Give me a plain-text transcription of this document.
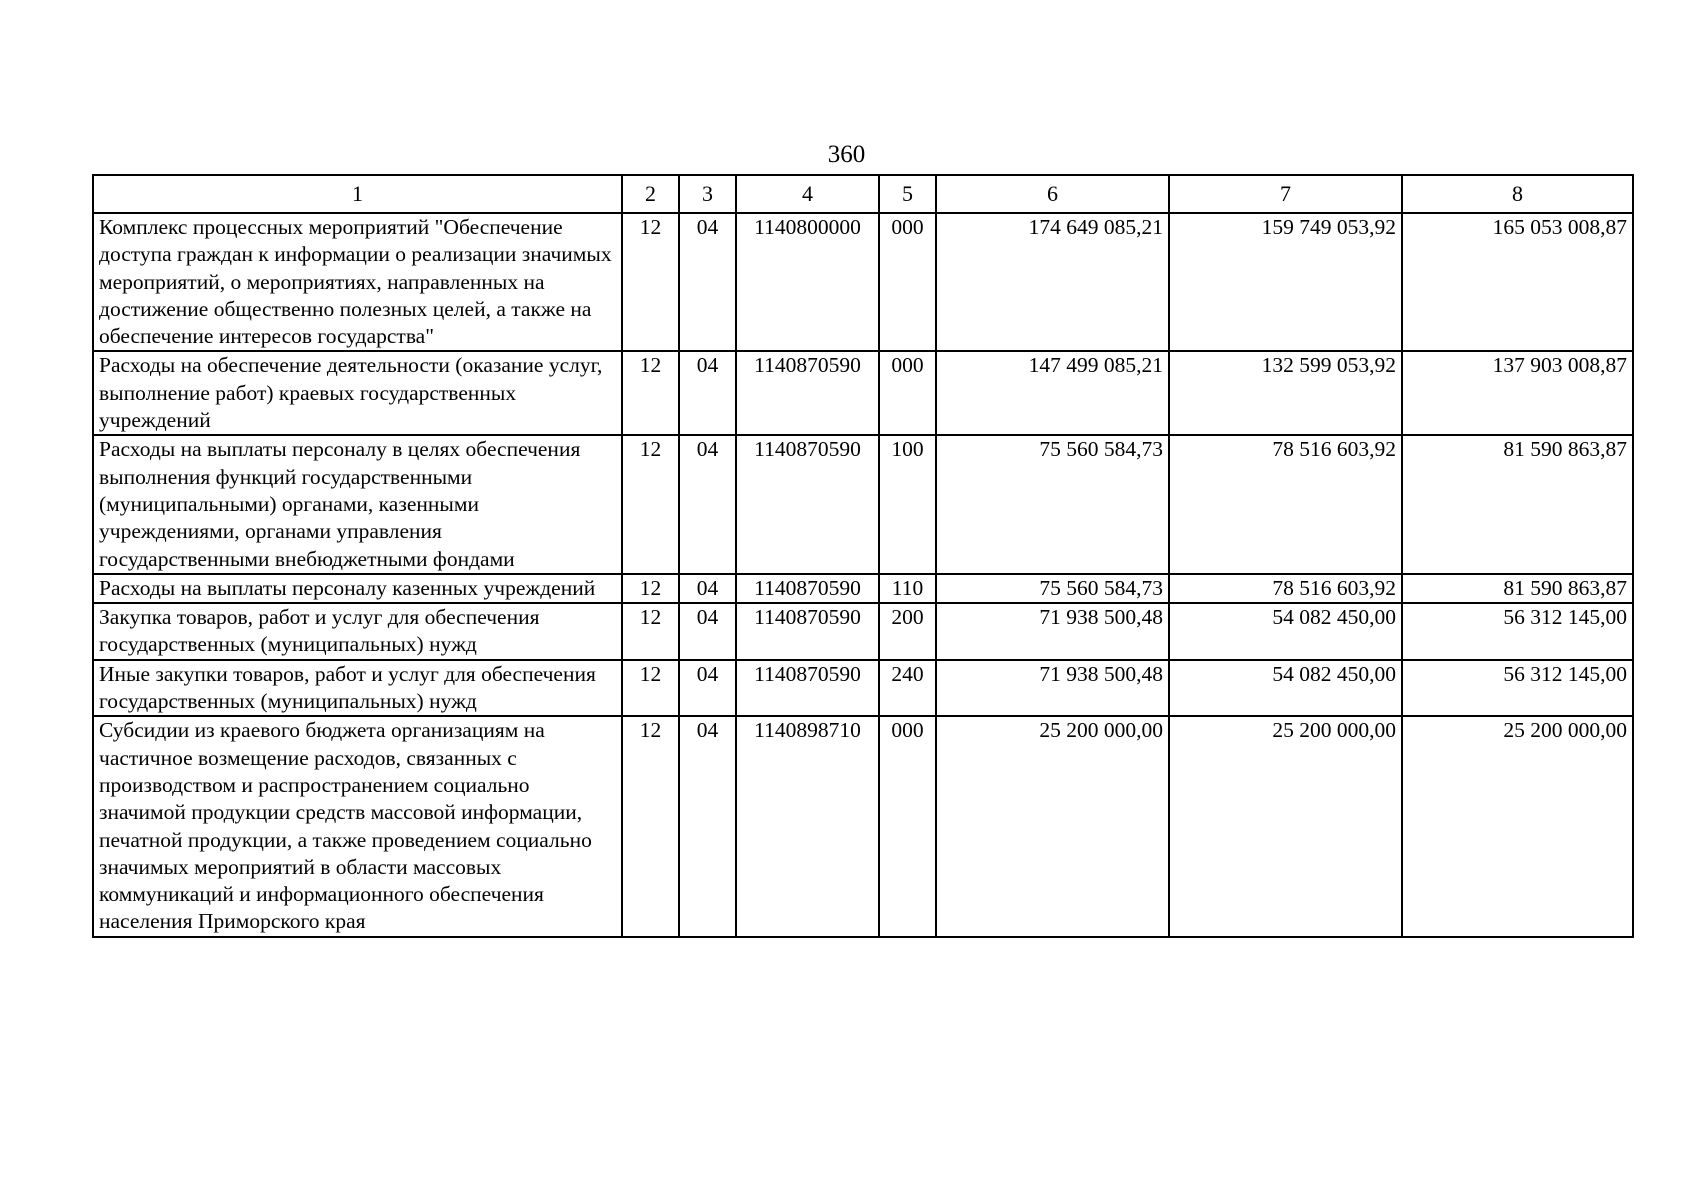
360
1	2	3	4	5	6	7	8
Комплекс процессных мероприятий "Обеспечение доступа граждан к информации о реализации значимых мероприятий, о мероприятиях, направленных на достижение общественно полезных целей, а также на обеспечение интересов государства"	12	04	1140800000	000	174 649 085,21	159 749 053,92	165 053 008,87
Расходы на обеспечение деятельности (оказание услуг, выполнение работ) краевых государственных учреждений	12	04	1140870590	000	147 499 085,21	132 599 053,92	137 903 008,87
Расходы на выплаты персоналу в целях обеспечения выполнения функций государственными (муниципальными) органами, казенными учреждениями, органами управления государственными внебюджетными фондами	12	04	1140870590	100	75 560 584,73	78 516 603,92	81 590 863,87
Расходы на выплаты персоналу казенных учреждений	12	04	1140870590	110	75 560 584,73	78 516 603,92	81 590 863,87
Закупка товаров, работ и услуг для обеспечения государственных (муниципальных) нужд	12	04	1140870590	200	71 938 500,48	54 082 450,00	56 312 145,00
Иные закупки товаров, работ и услуг для обеспечения государственных (муниципальных) нужд	12	04	1140870590	240	71 938 500,48	54 082 450,00	56 312 145,00
Субсидии из краевого бюджета организациям на частичное возмещение расходов, связанных с производством и распространением социально значимой продукции средств массовой информации, печатной продукции, а также проведением социально значимых мероприятий в области массовых коммуникаций и информационного обеспечения населения Приморского края	12	04	1140898710	000	25 200 000,00	25 200 000,00	25 200 000,00
